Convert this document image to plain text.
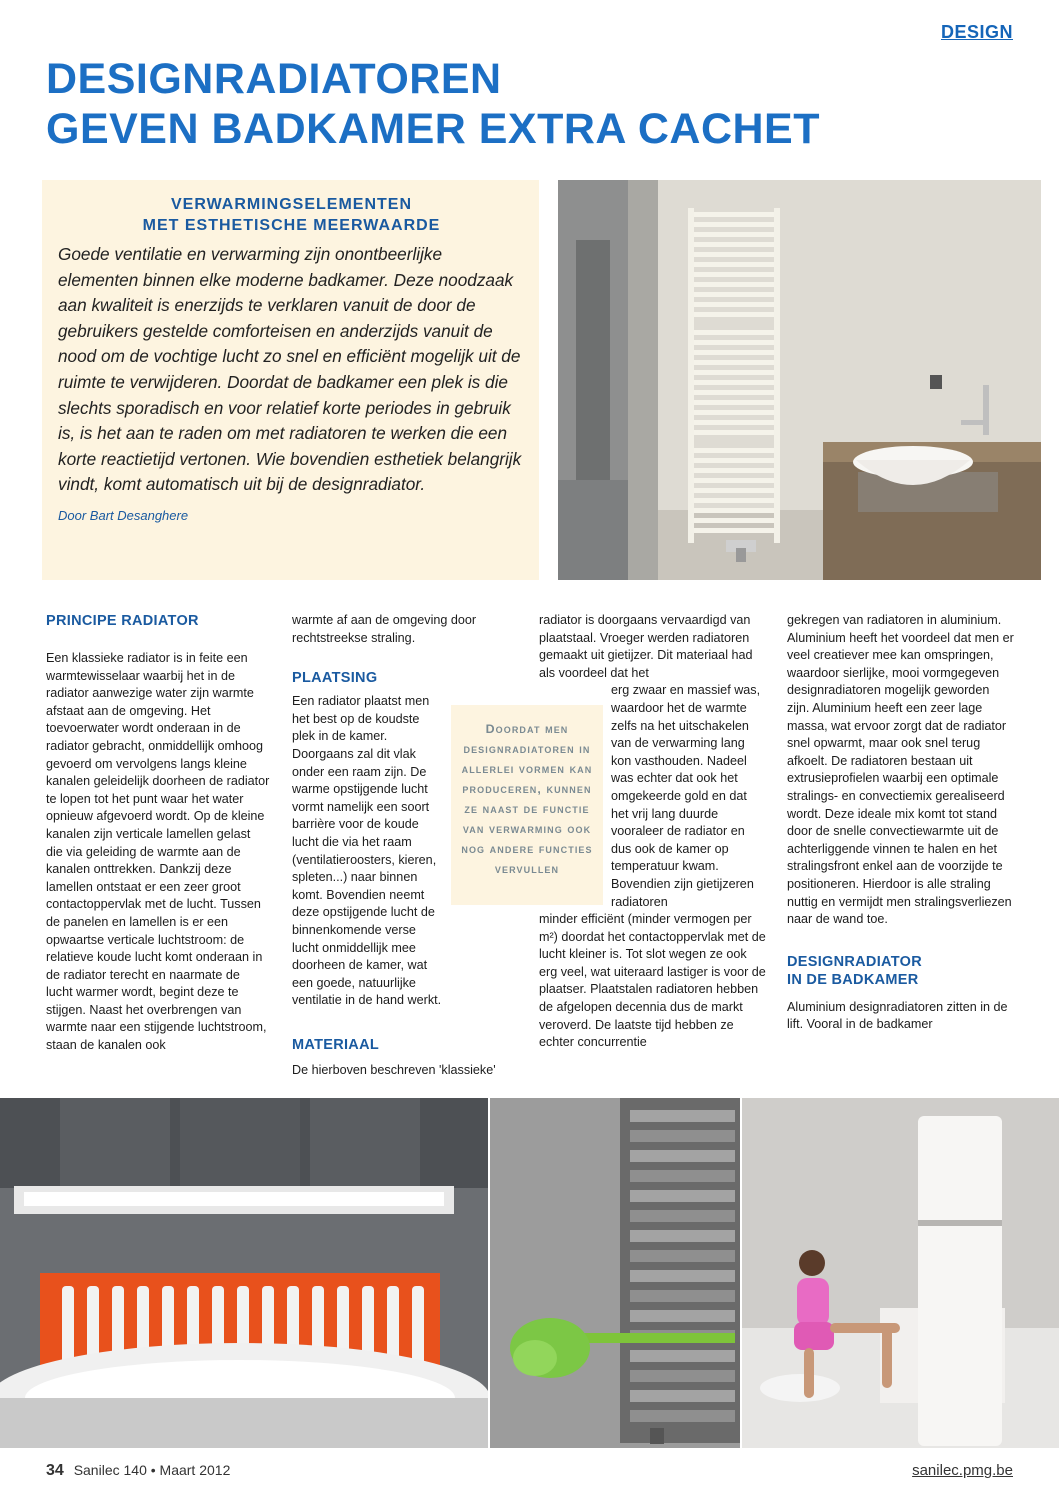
DESIGN
DESIGNRADIATOREN
GEVEN BADKAMER EXTRA CACHET
VERWARMINGSELEMENTEN
MET ESTHETISCHE MEERWAARDE

Goede ventilatie en verwarming zijn onontbeerlijke elementen binnen elke moderne badkamer. Deze noodzaak aan kwaliteit is enerzijds te verklaren vanuit de door de gebruikers gestelde comforteisen en anderzijds vanuit de nood om de vochtige lucht zo snel en efficiënt mogelijk uit de ruimte te verwijderen. Doordat de badkamer een plek is die slechts sporadisch en voor relatief korte periodes in gebruik is, is het aan te raden om met radiatoren te werken die een korte reactietijd vertonen. Wie bovendien esthetiek belangrijk vindt, komt automatisch uit bij de designradiator.

Door Bart Desanghere

PRINCIPE RADIATOR

Een klassieke radiator is in feite een warmtewisselaar waarbij het in de radiator aanwezige water zijn warmte afstaat aan de omgeving. Het toevoerwater wordt onderaan in de radiator gebracht, onmiddellijk omhoog gevoerd om vervolgens langs kleine kanalen geleidelijk doorheen de radiator te lopen tot het punt waar het water opnieuw afgevoerd wordt. Op de kleine kanalen zijn verticale lamellen gelast die via geleiding de warmte aan de kanalen onttrekken. Dankzij deze lamellen ontstaat er een zeer groot contactoppervlak met de lucht. Tussen de panelen en lamellen is er een opwaartse verticale luchtstroom: de relatieve koude lucht komt onderaan in de radiator terecht en naarmate de lucht warmer wordt, begint deze te stijgen. Naast het overbrengen van warmte naar een stijgende luchtstroom, staan de kanalen ook

warmte af aan de omgeving door rechtstreekse straling.

PLAATSING

Een radiator plaatst men het best op de koudste plek in de kamer. Doorgaans zal dit vlak onder een raam zijn. De warme opstijgende lucht vormt namelijk een soort barrière voor de koude lucht die via het raam (ventilatieroosters, kieren, spleten...) naar binnen komt. Bovendien neemt deze opstijgende lucht de binnenkomende verse lucht onmiddellijk mee doorheen de kamer, wat een goede, natuurlijke ventilatie in de hand werkt.

MATERIAAL

De hierboven beschreven 'klassieke'

Doordat men designradiatoren in allerlei vormen kan produceren, kunnen ze naast de functie van verwarming ook nog andere functies vervullen

radiator is doorgaans vervaardigd van plaatstaal. Vroeger werden radiatoren gemaakt uit gietijzer. Dit materiaal had als voordeel dat het

erg zwaar en massief was, waardoor het de warmte zelfs na het uitschakelen van de verwarming lang kon vasthouden. Nadeel was echter dat ook het omgekeerde gold en dat het vrij lang duurde vooraleer de radiator en dus ook de kamer op temperatuur kwam. Bovendien zijn gietijzeren radiatoren

minder efficiënt (minder vermogen per m²) doordat het contactoppervlak met de lucht kleiner is. Tot slot wegen ze ook erg veel, wat uiteraard lastiger is voor de plaatser. Plaatstalen radiatoren hebben de afgelopen decennia dus de markt veroverd. De laatste tijd hebben ze echter concurrentie

gekregen van radiatoren in aluminium. Aluminium heeft het voordeel dat men er veel creatiever mee kan omspringen, waardoor sierlijke, mooi vormgegeven designradiatoren mogelijk geworden zijn. Aluminium heeft een zeer lage massa, wat ervoor zorgt dat de radiator snel opwarmt, maar ook snel terug afkoelt. De radiatoren bestaan uit extrusieprofielen waarbij een optimale stralings- en convectiemix gerealiseerd wordt. Deze ideale mix komt tot stand door de snelle convectiewarmte uit de achterliggende vinnen te halen en het stralingsfront enkel aan de voorzijde te positioneren. Hierdoor is alle straling nuttig en vermijdt men stralingsverliezen naar de wand toe.

DESIGNRADIATOR
IN DE BADKAMER

Aluminium designradiatoren zitten in de lift. Vooral in de badkamer

34 Sanilec 140 • Maart 2012	sanilec.pmg.be
